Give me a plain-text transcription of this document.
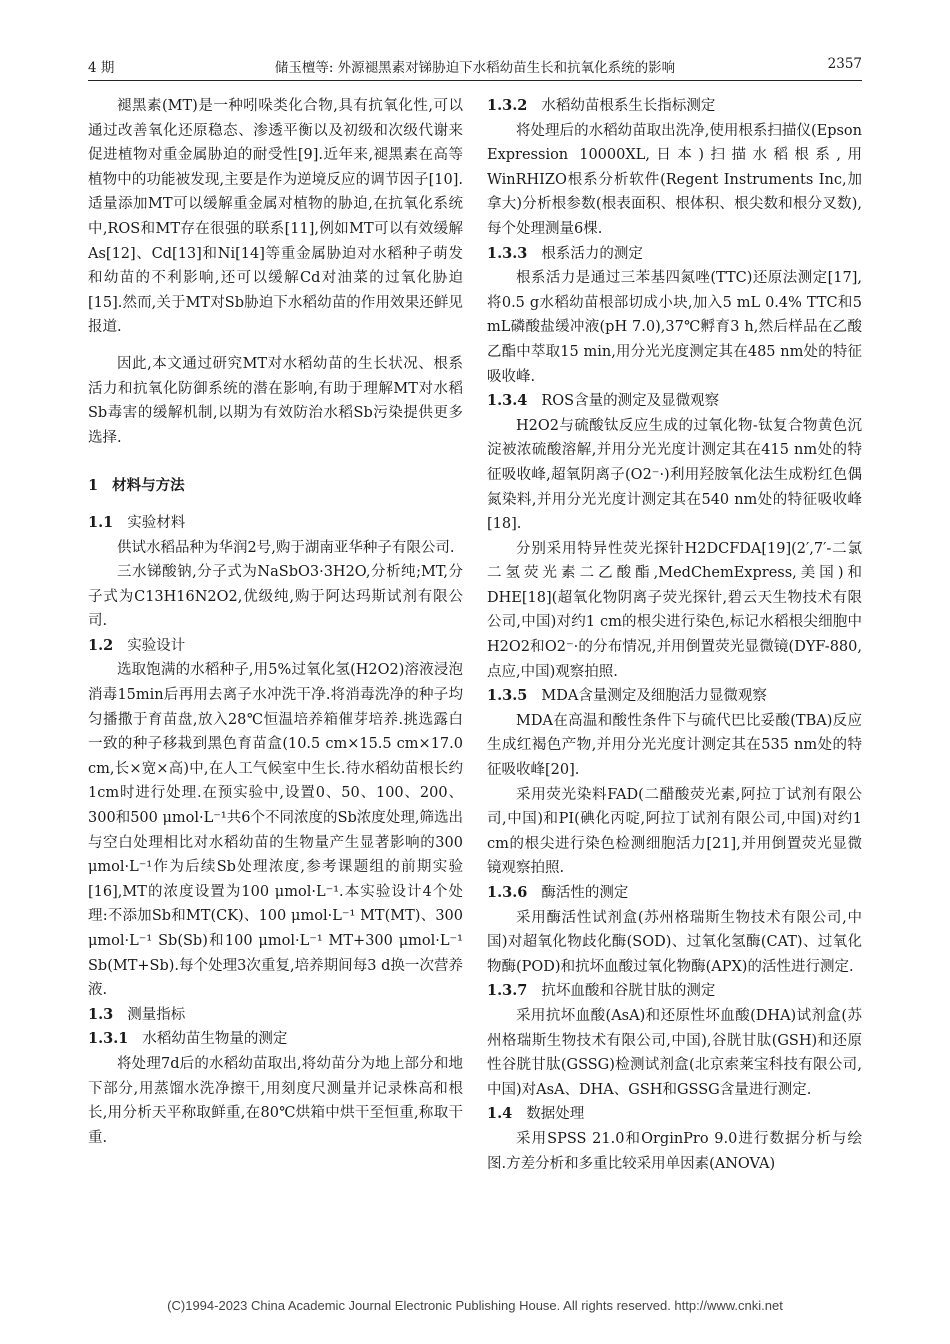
4 期	储玉檀等: 外源褪黑素对锑胁迫下水稻幼苗生长和抗氧化系统的影响	2357

褪黑素(MT)是一种吲哚类化合物,具有抗氧化性,可以通过改善氧化还原稳态、渗透平衡以及初级和次级代谢来促进植物对重金属胁迫的耐受性[9].近年来,褪黑素在高等植物中的功能被发现,主要是作为逆境反应的调节因子[10].适量添加MT可以缓解重金属对植物的胁迫,在抗氧化系统中,ROS和MT存在很强的联系[11],例如MT可以有效缓解As[12]、Cd[13]和Ni[14]等重金属胁迫对水稻种子萌发和幼苗的不利影响,还可以缓解Cd对油菜的过氧化胁迫[15].然而,关于MT对Sb胁迫下水稻幼苗的作用效果还鲜见报道.

因此,本文通过研究MT对水稻幼苗的生长状况、根系活力和抗氧化防御系统的潜在影响,有助于理解MT对水稻Sb毒害的缓解机制,以期为有效防治水稻Sb污染提供更多选择.

1 材料与方法
1.1 实验材料

供试水稻品种为华润2号,购于湖南亚华种子有限公司.

三水锑酸钠,分子式为NaSbO3·3H2O,分析纯;MT,分子式为C13H16N2O2,优级纯,购于阿达玛斯试剂有限公司.

1.2 实验设计

选取饱满的水稻种子,用5%过氧化氢(H2O2)溶液浸泡消毒15min后再用去离子水冲洗干净.将消毒洗净的种子均匀播撒于育苗盘,放入28℃恒温培养箱催芽培养.挑选露白一致的种子移栽到黑色育苗盒(10.5 cm×15.5 cm×17.0 cm,长×宽×高)中,在人工气候室中生长.待水稻幼苗根长约1cm时进行处理.在预实验中,设置0、50、100、200、300和500 μmol·L⁻¹共6个不同浓度的Sb浓度处理,筛选出与空白处理相比对水稻幼苗的生物量产生显著影响的300 μmol·L⁻¹作为后续Sb处理浓度,参考课题组的前期实验[16],MT的浓度设置为100 μmol·L⁻¹.本实验设计4个处理:不添加Sb和MT(CK)、100 μmol·L⁻¹ MT(MT)、300 μmol·L⁻¹ Sb(Sb)和100 μmol·L⁻¹ MT+300 μmol·L⁻¹ Sb(MT+Sb).每个处理3次重复,培养期间每3 d换一次营养液.

1.3 测量指标
1.3.1 水稻幼苗生物量的测定

将处理7d后的水稻幼苗取出,将幼苗分为地上部分和地下部分,用蒸馏水洗净擦干,用刻度尺测量并记录株高和根长,用分析天平称取鲜重,在80℃烘箱中烘干至恒重,称取干重.

1.3.2 水稻幼苗根系生长指标测定

将处理后的水稻幼苗取出洗净,使用根系扫描仪(Epson Expression 10000XL,日本)扫描水稻根系,用WinRHIZO根系分析软件(Regent Instruments Inc,加拿大)分析根参数(根表面积、根体积、根尖数和根分叉数),每个处理测量6棵.

1.3.3 根系活力的测定

根系活力是通过三苯基四氮唑(TTC)还原法测定[17],将0.5 g水稻幼苗根部切成小块,加入5 mL 0.4% TTC和5 mL磷酸盐缓冲液(pH 7.0),37℃孵育3 h,然后样品在乙酸乙酯中萃取15 min,用分光光度测定其在485 nm处的特征吸收峰.

1.3.4 ROS含量的测定及显微观察

H2O2与硫酸钛反应生成的过氧化物-钛复合物黄色沉淀被浓硫酸溶解,并用分光光度计测定其在415 nm处的特征吸收峰,超氧阴离子(O2⁻·)利用羟胺氧化法生成粉红色偶氮染料,并用分光光度计测定其在540 nm处的特征吸收峰[18].

分别采用特异性荧光探针H2DCFDA[19](2′,7′-二氯二氢荧光素二乙酸酯,MedChemExpress,美国)和DHE[18](超氧化物阴离子荧光探针,碧云天生物技术有限公司,中国)对约1 cm的根尖进行染色,标记水稻根尖细胞中H2O2和O2⁻·的分布情况,并用倒置荧光显微镜(DYF-880,点应,中国)观察拍照.

1.3.5 MDA含量测定及细胞活力显微观察

MDA在高温和酸性条件下与硫代巴比妥酸(TBA)反应生成红褐色产物,并用分光光度计测定其在535 nm处的特征吸收峰[20].

采用荧光染料FAD(二醋酸荧光素,阿拉丁试剂有限公司,中国)和PI(碘化丙啶,阿拉丁试剂有限公司,中国)对约1 cm的根尖进行染色检测细胞活力[21],并用倒置荧光显微镜观察拍照.

1.3.6 酶活性的测定

采用酶活性试剂盒(苏州格瑞斯生物技术有限公司,中国)对超氧化物歧化酶(SOD)、过氧化氢酶(CAT)、过氧化物酶(POD)和抗坏血酸过氧化物酶(APX)的活性进行测定.

1.3.7 抗坏血酸和谷胱甘肽的测定

采用抗坏血酸(AsA)和还原性坏血酸(DHA)试剂盒(苏州格瑞斯生物技术有限公司,中国),谷胱甘肽(GSH)和还原性谷胱甘肽(GSSG)检测试剂盒(北京索莱宝科技有限公司,中国)对AsA、DHA、GSH和GSSG含量进行测定.

1.4 数据处理

采用SPSS 21.0和OrginPro 9.0进行数据分析与绘图.方差分析和多重比较采用单因素(ANOVA)

(C)1994-2023 China Academic Journal Electronic Publishing House. All rights reserved. http://www.cnki.net
